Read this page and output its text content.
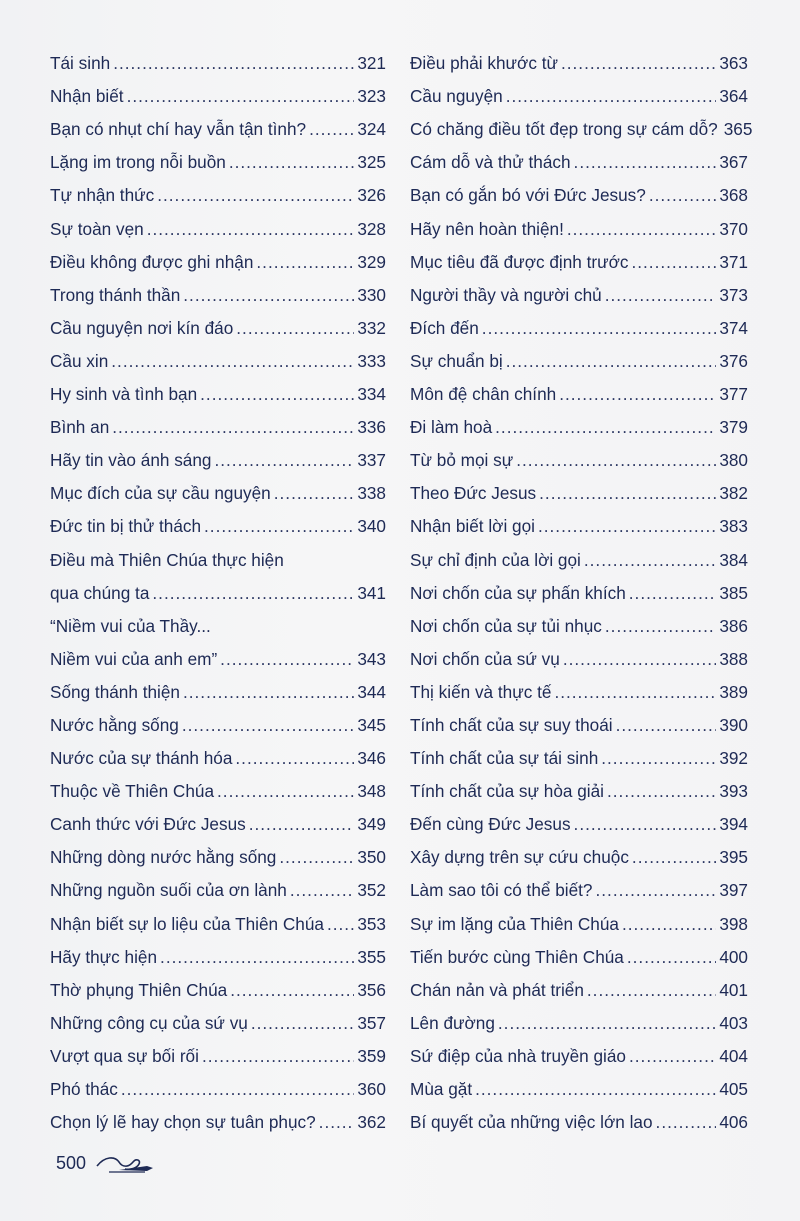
Tái sinh .....	321
Nhận biết .....	323
Bạn có nhụt chí hay vẫn tận tình? .....	324
Lặng im trong nỗi buồn .....	325
Tự nhận thức .....	326
Sự toàn vẹn .....	328
Điều không được ghi nhận .....	329
Trong thánh thần .....	330
Cầu nguyện nơi kín đáo .....	332
Cầu xin .....	333
Hy sinh và tình bạn .....	334
Bình an .....	336
Hãy tin vào ánh sáng .....	337
Mục đích của sự cầu nguyện .....	338
Đức tin bị thử thách .....	340
Điều mà Thiên Chúa thực hiện
qua chúng ta .....	341
“Niềm vui của Thầy...
Niềm vui của anh em” .....	343
Sống thánh thiện .....	344
Nước hằng sống .....	345
Nước của sự thánh hóa .....	346
Thuộc về Thiên Chúa .....	348
Canh thức với Đức Jesus .....	349
Những dòng nước hằng sống .....	350
Những nguồn suối của ơn lành .....	352
Nhận biết sự lo liệu của Thiên Chúa ..... 353
Hãy thực hiện .....	355
Thờ phụng Thiên Chúa .....	356
Những công cụ của sứ vụ .....	357
Vượt qua sự bối rối .....	359
Phó thác .....	360
Chọn lý lẽ hay chọn sự tuân phục? ..... 362
Điều phải khước từ .....	363
Cầu nguyện .....	364
Có chăng điều tốt đẹp trong sự cám dỗ? 365
Cám dỗ và thử thách .....	367
Bạn có gắn bó với Đức Jesus? .....	368
Hãy nên hoàn thiện! .....	370
Mục tiêu đã được định trước .....	371
Người thầy và người chủ .....	373
Đích đến .....	374
Sự chuẩn bị .....	376
Môn đệ chân chính .....	377
Đi làm hoà .....	379
Từ bỏ mọi sự .....	380
Theo Đức Jesus .....	382
Nhận biết lời gọi .....	383
Sự chỉ định của lời gọi .....	384
Nơi chốn của sự phấn khích .....	385
Nơi chốn của sự tủi nhục .....	386
Nơi chốn của sứ vụ .....	388
Thị kiến và thực tế .....	389
Tính chất của sự suy thoái .....	390
Tính chất của sự tái sinh .....	392
Tính chất của sự hòa giải .....	393
Đến cùng Đức Jesus .....	394
Xây dựng trên sự cứu chuộc .....	395
Làm sao tôi có thể biết? .....	397
Sự im lặng của Thiên Chúa .....	398
Tiến bước cùng Thiên Chúa .....	400
Chán nản và phát triển .....	401
Lên đường .....	403
Sứ điệp của nhà truyền giáo .....	404
Mùa gặt .....	405
Bí quyết của những việc lớn lao .....	406
500
